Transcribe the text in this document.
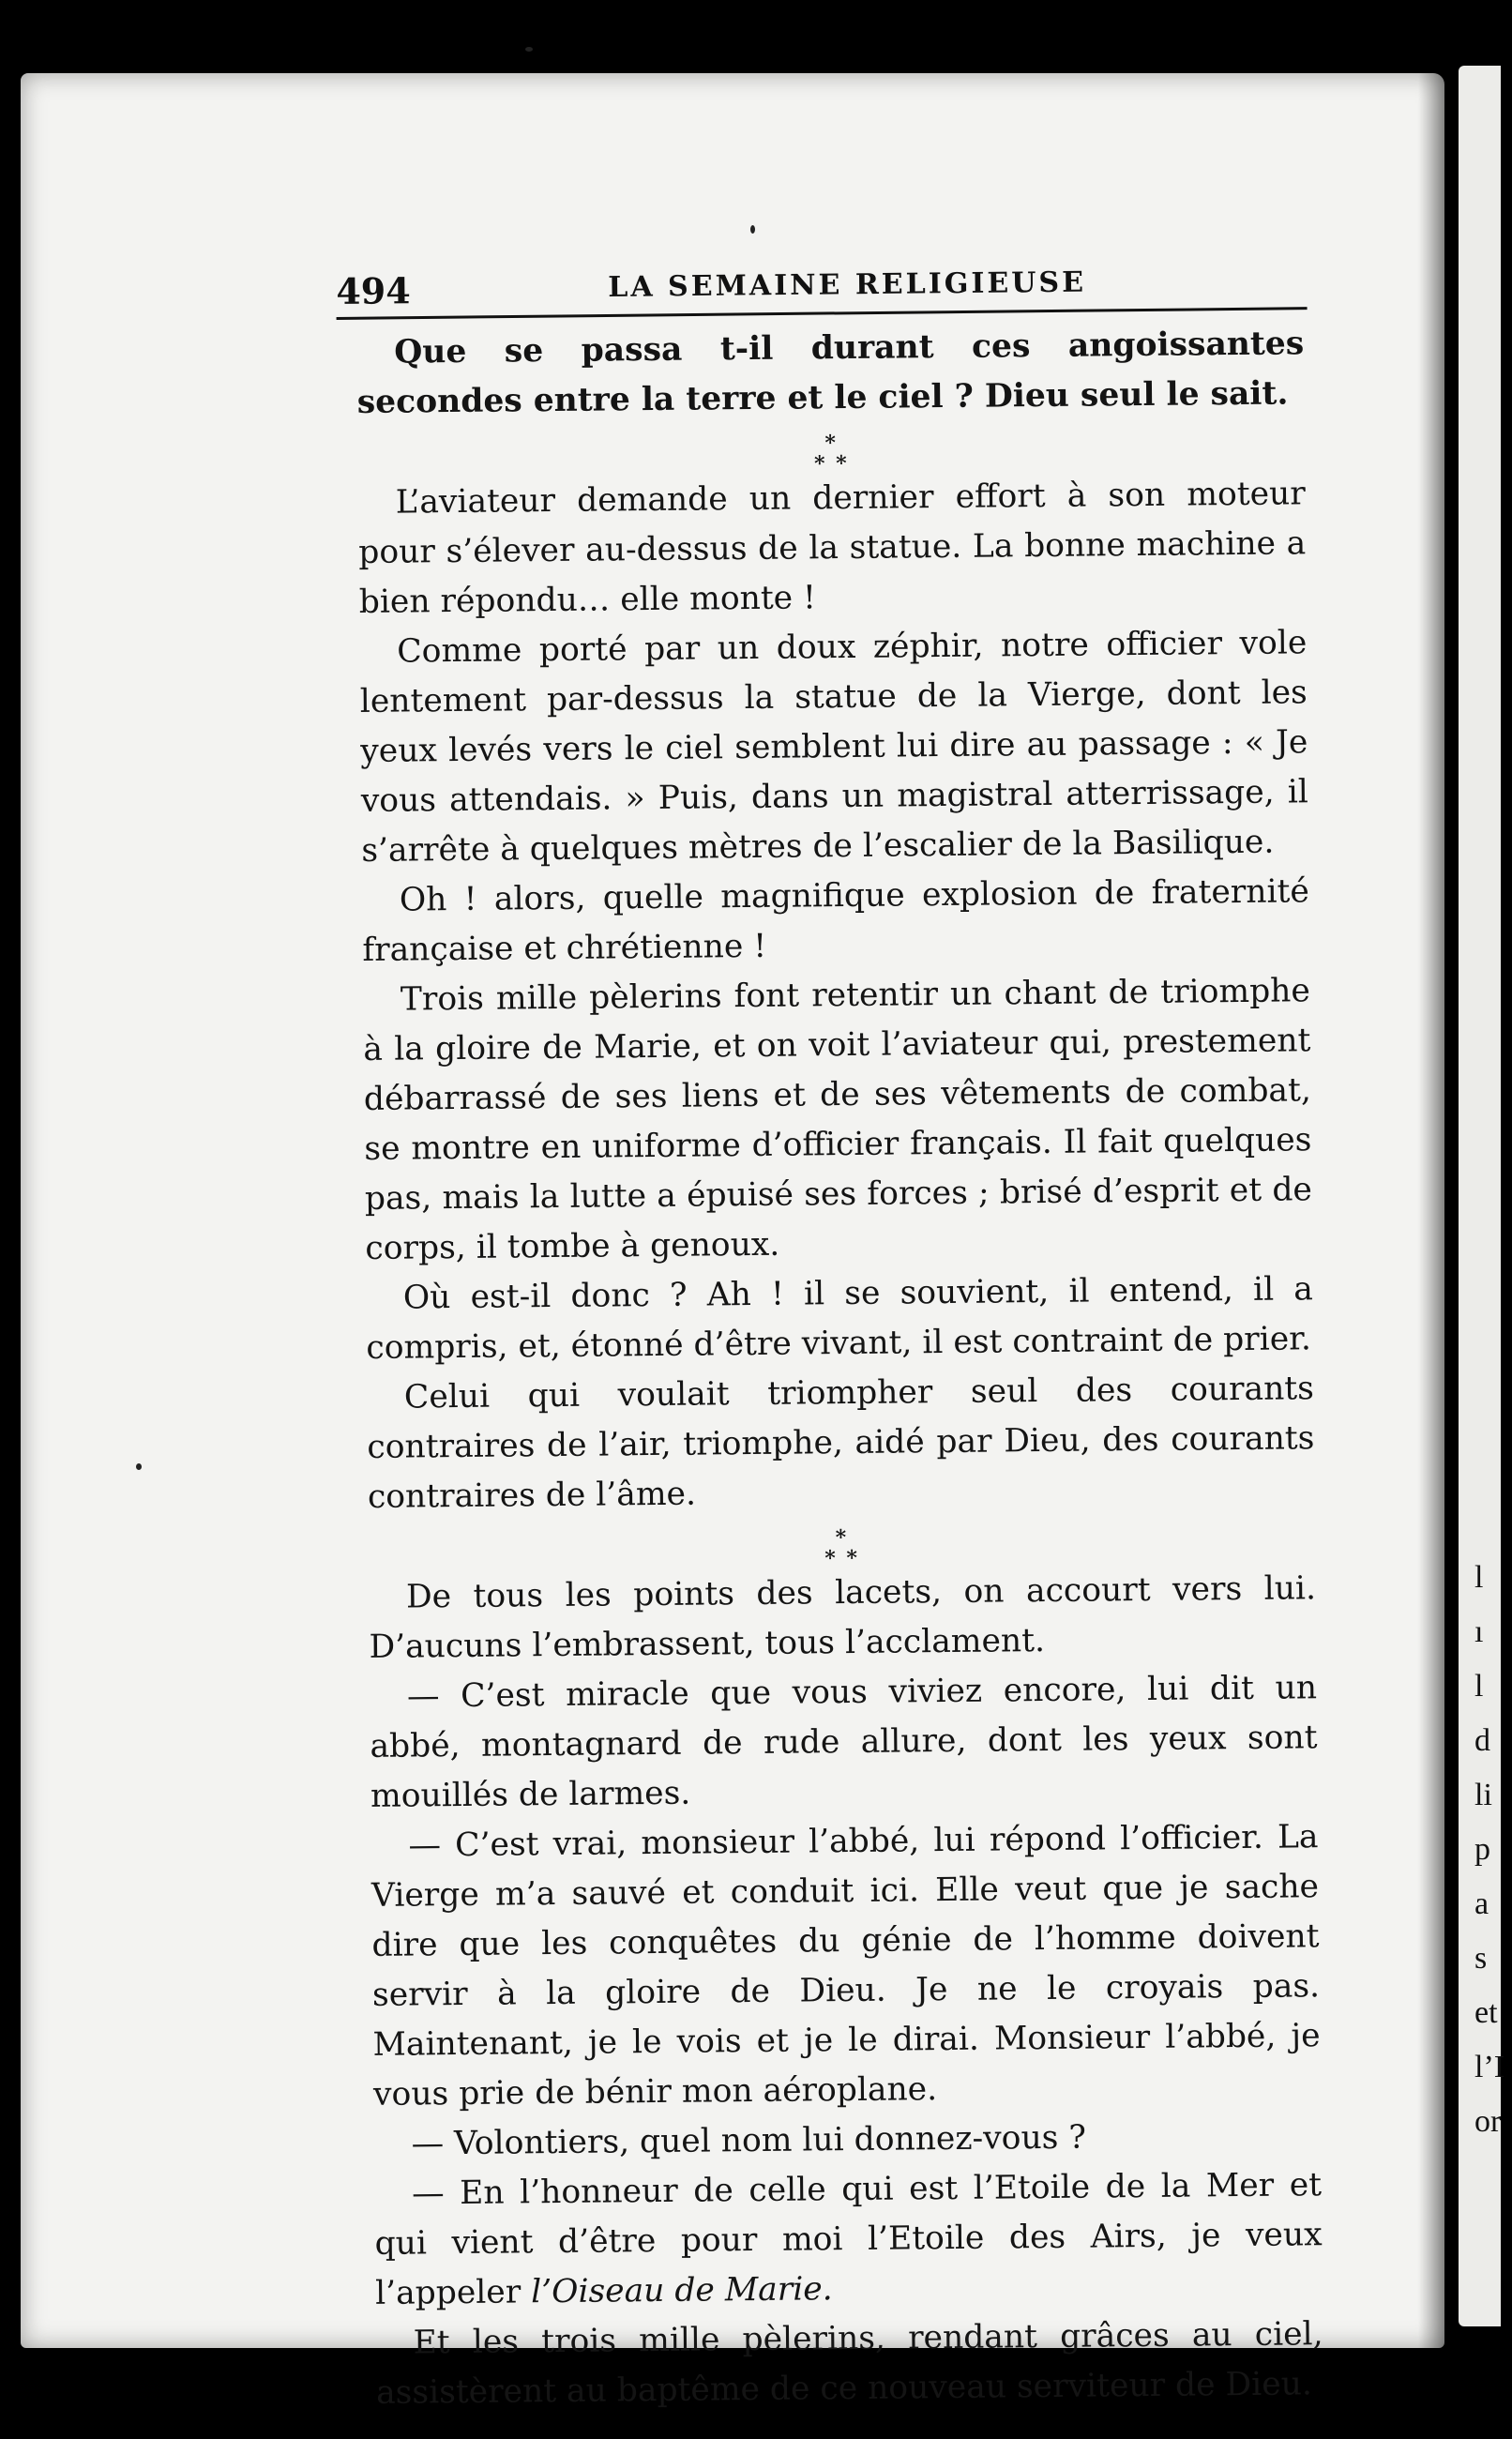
l
ı
l
d
li
p
a
s
et
l’I
or
494	LA SEMAINE RELIGIEUSE

Que se passa t-il durant ces angoissantes secondes entre la terre et le ciel ? Dieu seul le sait.

*
* *

L’aviateur demande un dernier effort à son moteur pour s’élever au-dessus de la statue. La bonne machine a bien répondu… elle monte !

Comme porté par un doux zéphir, notre officier vole lentement par-dessus la statue de la Vierge, dont les yeux levés vers le ciel semblent lui dire au passage : « Je vous attendais. » Puis, dans un magistral atterrissage, il s’arrête à quelques mètres de l’escalier de la Basilique.

Oh ! alors, quelle magnifique explosion de fraternité française et chrétienne !

Trois mille pèlerins font retentir un chant de triomphe à la gloire de Marie, et on voit l’aviateur qui, prestement débarrassé de ses liens et de ses vêtements de combat, se montre en uniforme d’officier français. Il fait quelques pas, mais la lutte a épuisé ses forces ; brisé d’esprit et de corps, il tombe à genoux.

Où est-il donc ? Ah ! il se souvient, il entend, il a compris, et, étonné d’être vivant, il est contraint de prier.

Celui qui voulait triompher seul des courants contraires de l’air, triomphe, aidé par Dieu, des courants contraires de l’âme.

*
* *

De tous les points des lacets, on accourt vers lui. D’aucuns l’embrassent, tous l’acclament.

— C’est miracle que vous viviez encore, lui dit un abbé, montagnard de rude allure, dont les yeux sont mouillés de larmes.

— C’est vrai, monsieur l’abbé, lui répond l’officier. La Vierge m’a sauvé et conduit ici. Elle veut que je sache dire que les conquêtes du génie de l’homme doivent servir à la gloire de Dieu. Je ne le croyais pas. Maintenant, je le vois et je le dirai. Monsieur l’abbé, je vous prie de bénir mon aéroplane.

— Volontiers, quel nom lui donnez-vous ?

— En l’honneur de celle qui est l’Etoile de la Mer et qui vient d’être pour moi l’Etoile des Airs, je veux l’appeler l’Oiseau de Marie.

Et les trois mille pèlerins, rendant grâces au ciel, assistèrent au baptême de ce nouveau serviteur de Dieu.
